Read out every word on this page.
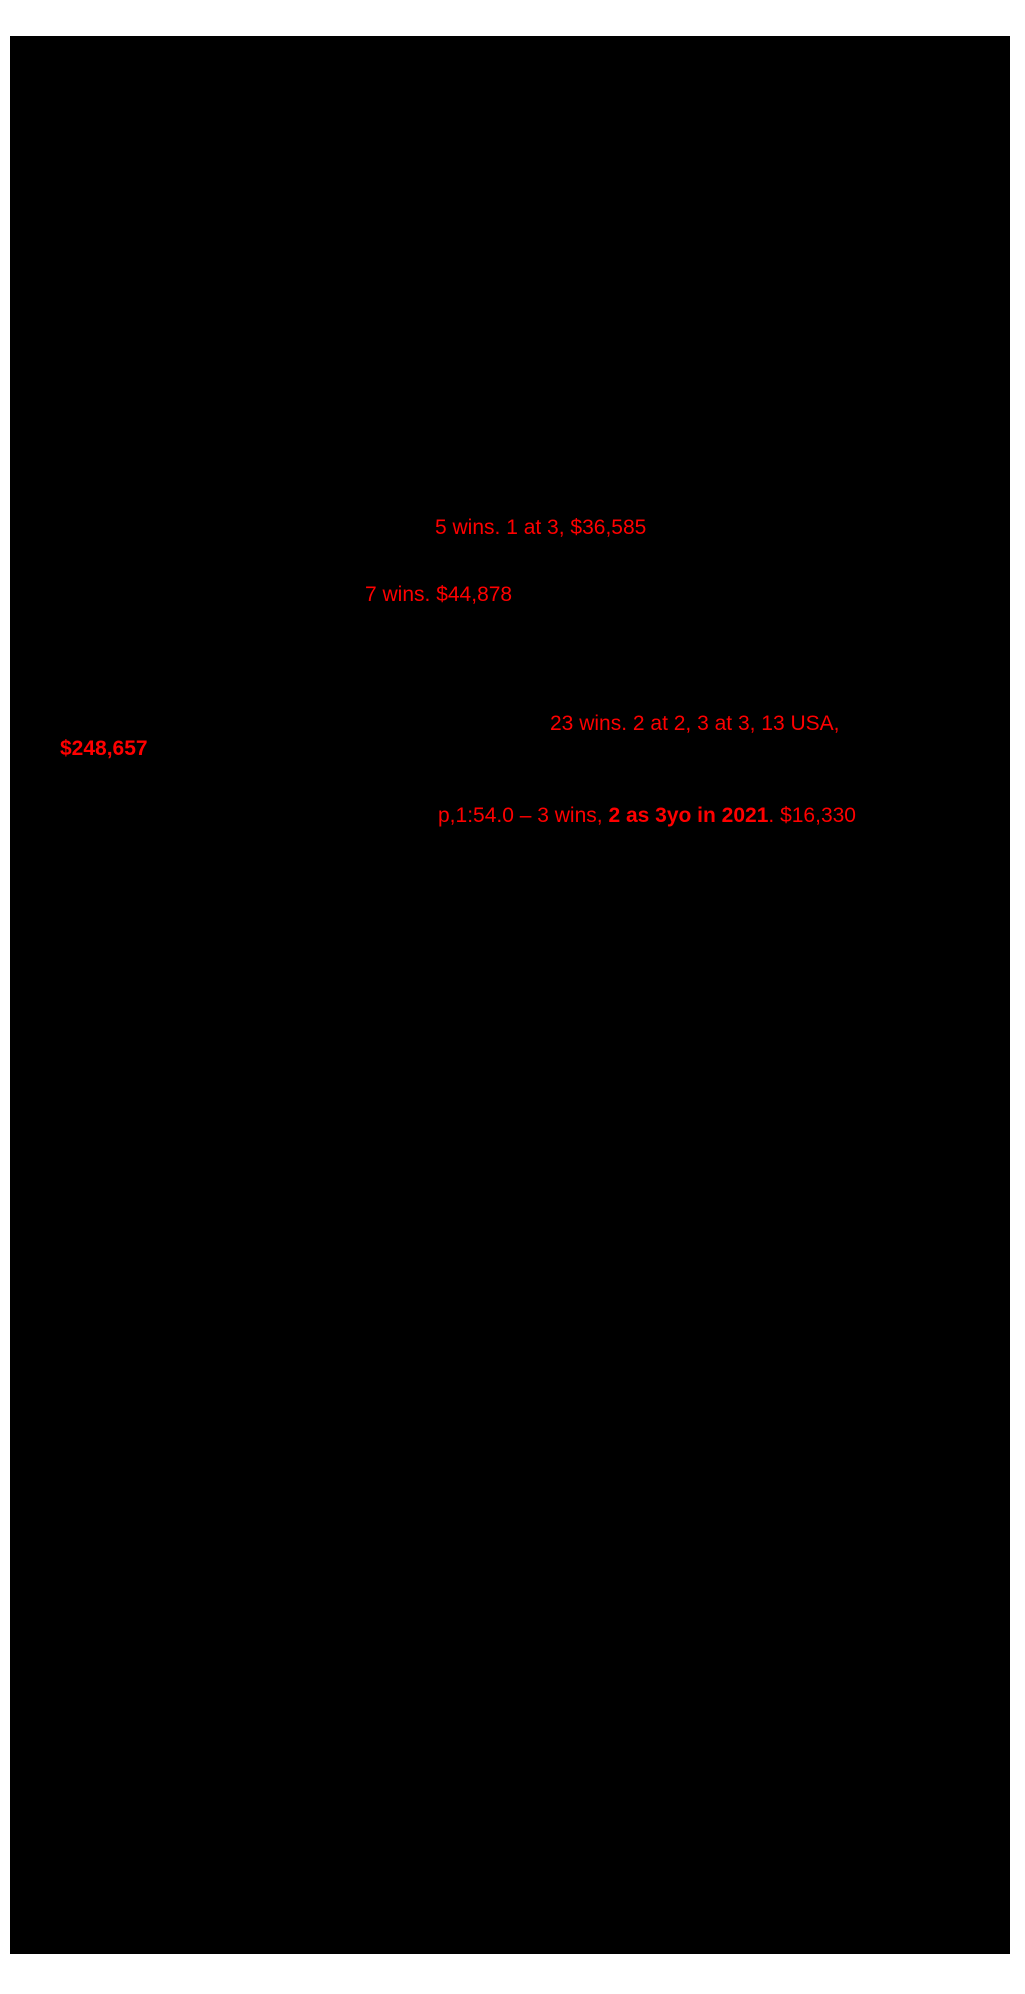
5 wins. 1 at 3, $36,585
7 wins. $44,878
23 wins. 2 at 2, 3 at 3, 13 USA,
$248,657
p,1:54.0 – 3 wins, 2 as 3yo in 2021. $16,330
